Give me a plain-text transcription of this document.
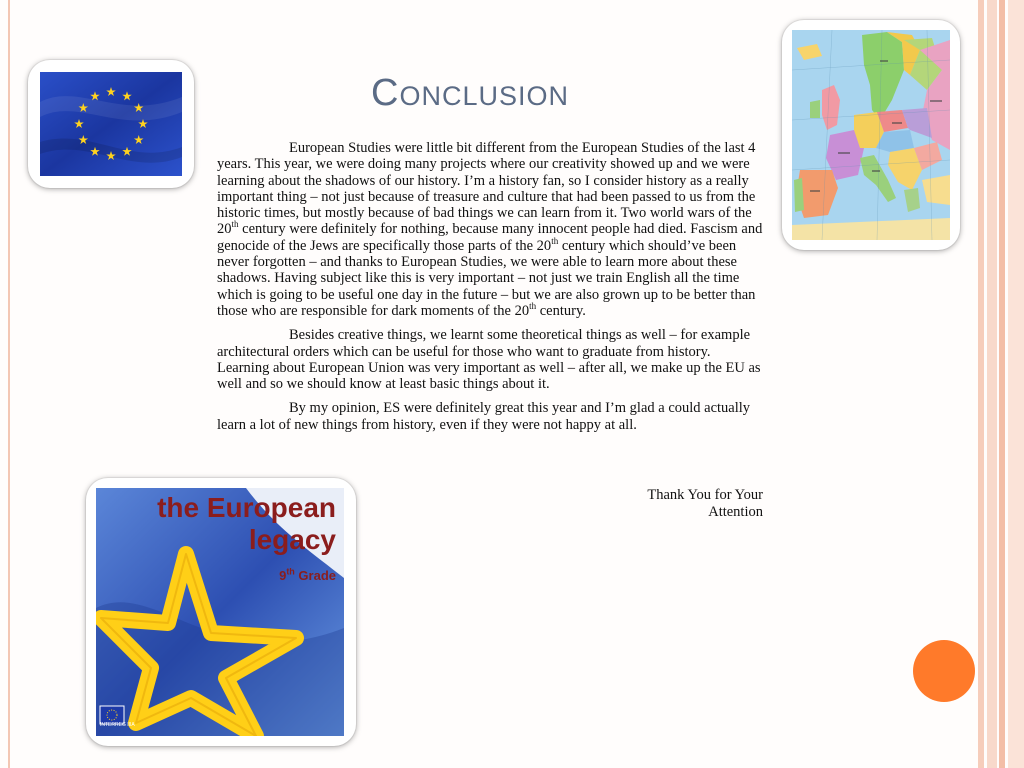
Conclusion
the European
legacy
9th Grade
INTERREG IIIA

European Studies were little bit different from the European Studies of the last 4 years. This year, we were doing many projects where our creativity showed up and we were learning about the shadows of our history. I’m a history fan, so I consider history as a really important thing – not just because of treasure and culture that had been passed to us from the historic times, but mostly because of bad things we can learn from it. Two world wars of the 20th century were definitely for nothing, because many innocent people had died. Fascism and genocide of the Jews are specifically those parts of the 20th century which should’ve been never forgotten – and thanks to European Studies, we were able to learn more about these shadows. Having subject like this is very important – not just we train English all the time which is going to be useful one day in the future – but we are also grown up to be better than those who are responsible for dark moments of the 20th century.

Besides creative things, we learnt some theoretical things as well – for example architectural orders which can be useful for those who want to graduate from history. Learning about European Union was very important as well – after all, we make up the EU as well and so we should know at least basic things about it.

By my opinion, ES were definitely great this year and I’m glad a could actually learn a lot of new things from history, even if they were not happy at all.

Thank You for Your
Attention
